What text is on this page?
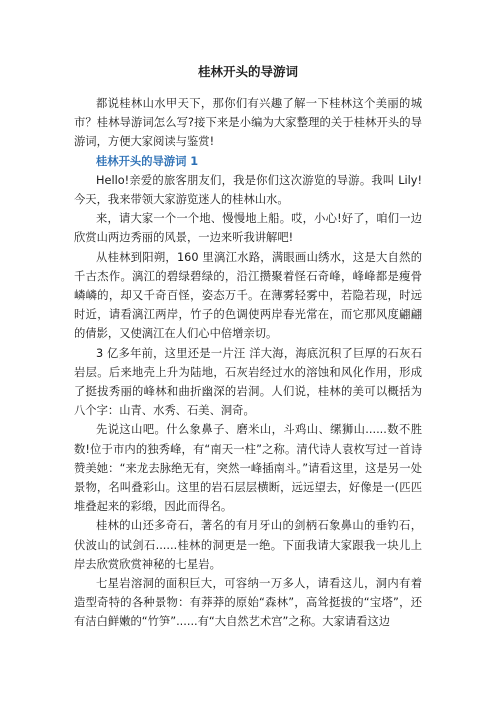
桂林开头的导游词

都说桂林山水甲天下，那你们有兴趣了解一下桂林这个美丽的城市？桂林导游词怎么写?接下来是小编为大家整理的关于桂林开头的导游词，方便大家阅读与鉴赏!

桂林开头的导游词 1

Hello!亲爱的旅客朋友们，我是你们这次游览的导游。我叫 Lily!今天，我来带领大家游览迷人的桂林山水。

来，请大家一个一个地、慢慢地上船。哎，小心!好了，咱们一边欣赏山两边秀丽的风景，一边来听我讲解吧!

从桂林到阳朔，160 里漓江水路，满眼画山绣水，这是大自然的千古杰作。漓江的碧绿碧绿的，沿江攒聚着怪石奇峰，峰峰都是瘦骨嶙嶙的，却又千奇百怪，姿态万千。在薄雾轻雾中，若隐若现，时远时近，请看漓江两岸，竹子的色调使两岸春光常在，而它那风度翩翩的倩影，又使漓江在人们心中倍增亲切。

3 亿多年前，这里还是一片汪 洋大海，海底沉积了巨厚的石灰石岩层。后来地壳上升为陆地，石灰岩经过水的溶蚀和风化作用，形成了挺拔秀丽的峰林和曲折幽深的岩洞。人们说，桂林的美可以概括为八个字：山青、水秀、石美、洞奇。

先说这山吧。什么象鼻子、磨米山，斗鸡山、缧狮山......数不胜数!位于市内的独秀峰，有“南天一柱”之称。清代诗人袁枚写过一首诗赞美她：“来龙去脉绝无有，突然一峰插南斗。”请看这里，这是另一处景物，名叫叠彩山。这里的岩石层层横断，远远望去，好像是一(匹匹堆叠起来的彩缎，因此而得名。

桂林的山还多奇石，著名的有月牙山的剑柄石象鼻山的垂钓石，伏波山的试剑石......桂林的洞更是一绝。下面我请大家跟我一块儿上岸去欣赏欣赏神秘的七星岩。

七星岩溶洞的面积巨大，可容纳一万多人，请看这儿，洞内有着造型奇特的各种景物：有莽莽的原始“森林”，高耸挺拔的“宝塔”，还有洁白鲜嫩的“竹笋”......有“大自然艺术宫”之称。大家请看这边
